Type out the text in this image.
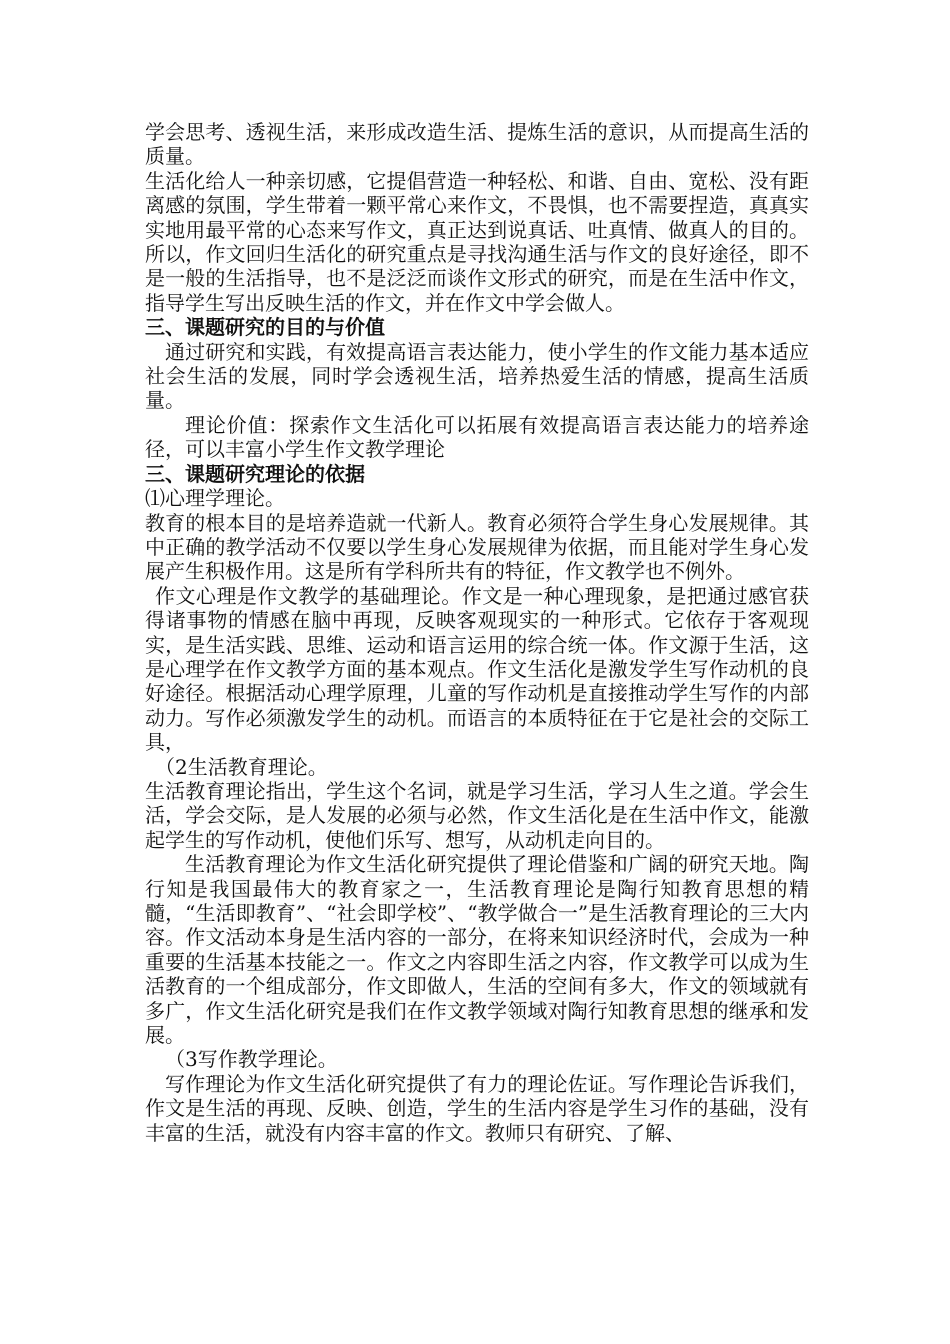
学会思考、透视生活，来形成改造生活、提炼生活的意识，从而提高生活的质量。

生活化给人一种亲切感，它提倡营造一种轻松、和谐、自由、宽松、没有距离感的氛围，学生带着一颗平常心来作文，不畏惧，也不需要捏造，真真实实地用最平常的心态来写作文，真正达到说真话、吐真情、做真人的目的。所以，作文回归生活化的研究重点是寻找沟通生活与作文的良好途径，即不是一般的生活指导，也不是泛泛而谈作文形式的研究，而是在生活中作文，指导学生写出反映生活的作文，并在作文中学会做人。

三、课题研究的目的与价值

通过研究和实践，有效提高语言表达能力，使小学生的作文能力基本适应社会生活的发展，同时学会透视生活，培养热爱生活的情感，提高生活质量。

理论价值：探索作文生活化可以拓展有效提高语言表达能力的培养途径，可以丰富小学生作文教学理论

三、课题研究理论的依据

⑴心理学理论。

教育的根本目的是培养造就一代新人。教育必须符合学生身心发展规律。其中正确的教学活动不仅要以学生身心发展规律为依据，而且能对学生身心发展产生积极作用。这是所有学科所共有的特征，作文教学也不例外。

作文心理是作文教学的基础理论。作文是一种心理现象，是把通过感官获得诸事物的情感在脑中再现，反映客观现实的一种形式。它依存于客观现实，是生活实践、思维、运动和语言运用的综合统一体。作文源于生活，这是心理学在作文教学方面的基本观点。作文生活化是激发学生写作动机的良好途径。根据活动心理学原理，儿童的写作动机是直接推动学生写作的内部动力。写作必须激发学生的动机。而语言的本质特征在于它是社会的交际工具，

（2生活教育理论。

生活教育理论指出，学生这个名词，就是学习生活，学习人生之道。学会生活，学会交际，是人发展的必须与必然，作文生活化是在生活中作文，能激起学生的写作动机，使他们乐写、想写，从动机走向目的。

生活教育理论为作文生活化研究提供了理论借鉴和广阔的研究天地。陶行知是我国最伟大的教育家之一，生活教育理论是陶行知教育思想的精髓，“生活即教育”、“社会即学校”、“教学做合一”是生活教育理论的三大内容。作文活动本身是生活内容的一部分，在将来知识经济时代，会成为一种重要的生活基本技能之一。作文之内容即生活之内容，作文教学可以成为生活教育的一个组成部分，作文即做人，生活的空间有多大，作文的领域就有多广，作文生活化研究是我们在作文教学领域对陶行知教育思想的继承和发展。

（3写作教学理论。

写作理论为作文生活化研究提供了有力的理论佐证。写作理论告诉我们，作文是生活的再现、反映、创造，学生的生活内容是学生习作的基础，没有丰富的生活，就没有内容丰富的作文。教师只有研究、了解、
